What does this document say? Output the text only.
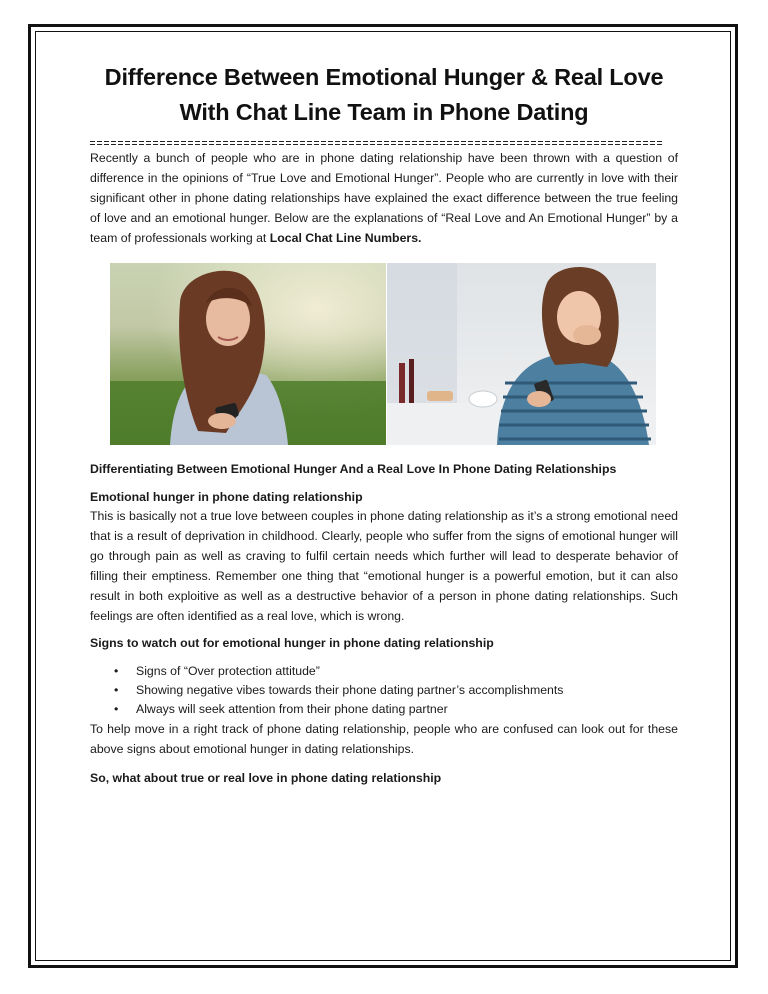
Difference Between Emotional Hunger & Real Love
With Chat Line Team in Phone Dating

Recently a bunch of people who are in phone dating relationship have been thrown with a question of difference in the opinions of “True Love and Emotional Hunger”. People who are currently in love with their significant other in phone dating relationships have explained the exact difference between the true feeling of love and an emotional hunger. Below are the explanations of “Real Love and An Emotional Hunger” by a team of professionals working at Local Chat Line Numbers.

Differentiating Between Emotional Hunger And a Real Love In Phone Dating Relationships

Emotional hunger in phone dating relationship

This is basically not a true love between couples in phone dating relationship as it’s a strong emotional need that is a result of deprivation in childhood. Clearly, people who suffer from the signs of emotional hunger will go through pain as well as craving to fulfil certain needs which further will lead to desperate behavior of filling their emptiness. Remember one thing that “emotional hunger is a powerful emotion, but it can also result in both exploitive as well as a destructive behavior of a person in phone dating relationships. Such feelings are often identified as a real love, which is wrong.

Signs to watch out for emotional hunger in phone dating relationship

• Signs of “Over protection attitude”
• Showing negative vibes towards their phone dating partner’s accomplishments
• Always will seek attention from their phone dating partner

To help move in a right track of phone dating relationship, people who are confused can look out for these above signs about emotional hunger in dating relationships.

So, what about true or real love in phone dating relationship
